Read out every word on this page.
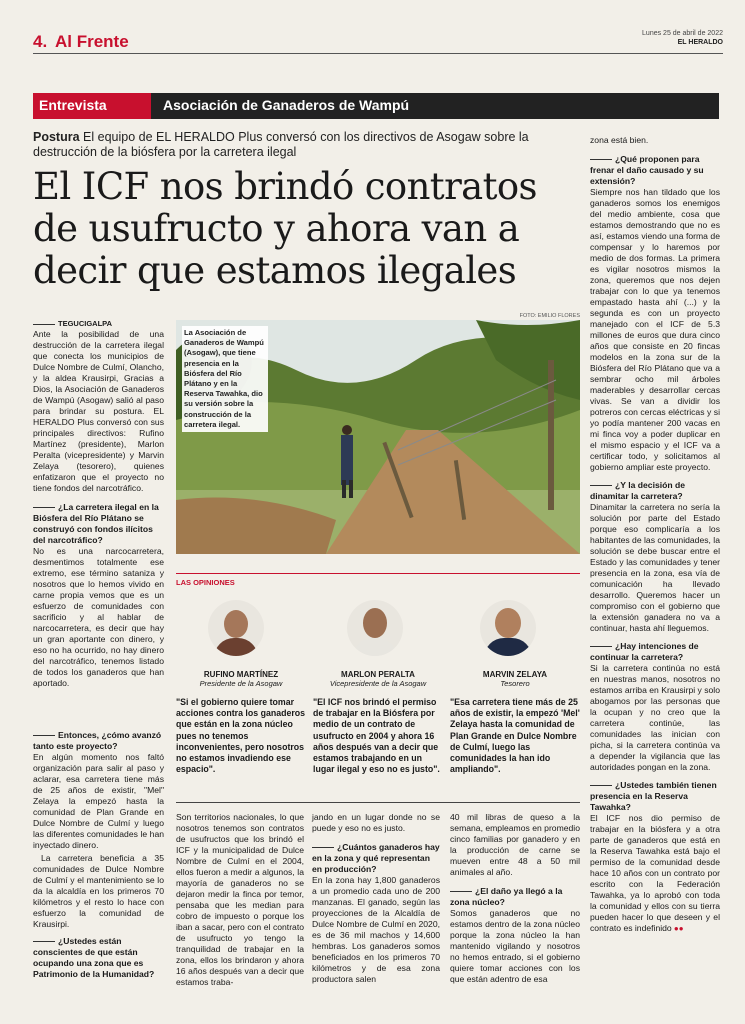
4. Al Frente	Lunes 25 de abril de 2022
EL HERALDO
Entrevista	Asociación de Ganaderos de Wampú
Postura El equipo de EL HERALDO Plus conversó con los directivos de Asogaw sobre la destrucción de la biósfera por la carretera ilegal
El ICF nos brindó contratos
de usufructo y ahora van a
decir que estamos ilegales
La Asociación de Ganaderos de Wampú (Asogaw), que tiene presencia en la Biósfera del Río Plátano y en la Reserva Tawahka, dio su versión sobre la construcción de la carretera ilegal.
FOTO: EMILIO FLORES
TEGUCIGALPA

Ante la posibilidad de una destrucción de la carretera ilegal que conecta los municipios de Dulce Nombre de Culmí, Olancho, y la aldea Krausirpi, Gracias a Dios, la Asociación de Ganaderos de Wampú (Asogaw) salió al paso para brindar su postura. EL HERALDO Plus conversó con sus principales directivos: Rufino Martínez (presidente), Marlon Peralta (vicepresidente) y Marvin Zelaya (tesorero), quienes enfatizaron que el proyecto no tiene fondos del narcotráfico.

¿La carretera ilegal en la Biósfera del Río Plátano se construyó con fondos ilícitos del narcotráfico?

No es una narcocarretera, desmentimos totalmente ese extremo, ese término sataniza y nosotros que lo hemos vivido en carne propia vemos que es un esfuerzo de comunidades con sacrificio y al hablar de narcocarretera, es decir que hay un gran aportante con dinero, y eso no ha ocurrido, no hay dinero del narcotráfico, tenemos listado de todos los ganaderos que han aportado.

Entonces, ¿cómo avanzó tanto este proyecto?

En algún momento nos faltó organización para salir al paso y aclarar, esa carretera tiene más de 25 años de existir, "Mel" Zelaya la empezó hasta la comunidad de Plan Grande en Dulce Nombre de Culmí y luego las diferentes comunidades le han inyectado dinero.

La carretera beneficia a 35 comunidades de Dulce Nombre de Culmí y el mantenimiento se lo da la alcaldía en los primeros 70 kilómetros y el resto lo hace con esfuerzo la comunidad de Krausirpi.

¿Ustedes están conscientes de que están ocupando una zona que es Patrimonio de la Humanidad?

LAS OPINIONES
RUFINO MARTÍNEZ
Presidente de la Asogaw
"Si el gobierno quiere tomar acciones contra los ganaderos que están en la zona núcleo pues no tenemos inconvenientes, pero nosotros no estamos invadiendo ese espacio".
MARLON PERALTA
Vicepresidente de la Asogaw
"El ICF nos brindó el permiso de trabajar en la Biósfera por medio de un contrato de usufructo en 2004 y ahora 16 años después van a decir que estamos trabajando en un lugar ilegal y eso no es justo".
MARVIN ZELAYA
Tesorero
"Esa carretera tiene más de 25 años de existir, la empezó 'Mel' Zelaya hasta la comunidad de Plan Grande en Dulce Nombre de Culmí, luego las comunidades la han ido ampliando".

Son territorios nacionales, lo que nosotros tenemos son contratos de usufructos que los brindó el ICF y la municipalidad de Dulce Nombre de Culmí en el 2004, ellos fueron a medir a algunos, la mayoría de ganaderos no se dejaron medir la finca por temor, pensaba que les median para cobro de impuesto o porque los iban a sacar, pero con el contrato de usufructo yo tengo la tranquilidad de trabajar en la zona, ellos los brindaron y ahora 16 años después van a decir que estamos traba-

jando en un lugar donde no se puede y eso no es justo.

¿Cuántos ganaderos hay en la zona y qué representan en producción?

En la zona hay 1,800 ganaderos a un promedio cada uno de 200 manzanas. El ganado, según las proyecciones de la Alcaldía de Dulce Nombre de Culmí en 2020, es de 36 mil machos y 14,600 hembras. Los ganaderos somos beneficiados en los primeros 70 kilómetros y de esa zona productora salen

40 mil libras de queso a la semana, empleamos en promedio cinco familias por ganadero y en la producción de carne se mueven entre 48 a 50 mil animales al año.

¿El daño ya llegó a la zona núcleo?

Somos ganaderos que no estamos dentro de la zona núcleo porque la zona núcleo la han mantenido vigilando y nosotros no hemos entrado, si el gobierno quiere tomar acciones con los que están adentro de esa

zona está bien.

¿Qué proponen para frenar el daño causado y su extensión?

Siempre nos han tildado que los ganaderos somos los enemigos del medio ambiente, cosa que estamos demostrando que no es así, estamos viendo una forma de compensar y lo haremos por medio de dos formas. La primera es vigilar nosotros mismos la zona, queremos que nos dejen trabajar con lo que ya tenemos empastado hasta ahí (...) y la segunda es con un proyecto manejado con el ICF de 5.3 millones de euros que dura cinco años que consiste en 20 fincas modelos en la zona sur de la Biósfera del Río Plátano que va a sembrar ocho mil árboles maderables y desarrollar cercas vivas. Se van a dividir los potreros con cercas eléctricas y si yo podía mantener 200 vacas en mi finca voy a poder duplicar en el mismo espacio y el ICF va a certificar todo, y solicitamos al gobierno ampliar este proyecto.

¿Y la decisión de dinamitar la carretera?

Dinamitar la carretera no sería la solución por parte del Estado porque eso complicaría a los habitantes de las comunidades, la solución se debe buscar entre el Estado y las comunidades y tener presencia en la zona, esa vía de comunicación ha llevado desarrollo. Queremos hacer un compromiso con el gobierno que la extensión ganadera no va a continuar, hasta ahí lleguemos.

¿Hay intenciones de continuar la carretera?

Si la carretera continúa no está en nuestras manos, nosotros no estamos arriba en Krausirpi y solo abogamos por las personas que la ocupan y no creo que la carretera continúe, las comunidades las inician con picha, si la carretera continúa va a depender la vigilancia que las autoridades pongan en la zona.

¿Ustedes también tienen presencia en la Reserva Tawahka?

El ICF nos dio permiso de trabajar en la biósfera y a otra parte de ganaderos que está en la Reserva Tawahka está bajo el permiso de la comunidad desde hace 10 años con un contrato por escrito con la Federación Tawahka, ya lo aprobó con toda la comunidad y ellos con su tierra pueden hacer lo que deseen y el contrato es indefinido ●●
